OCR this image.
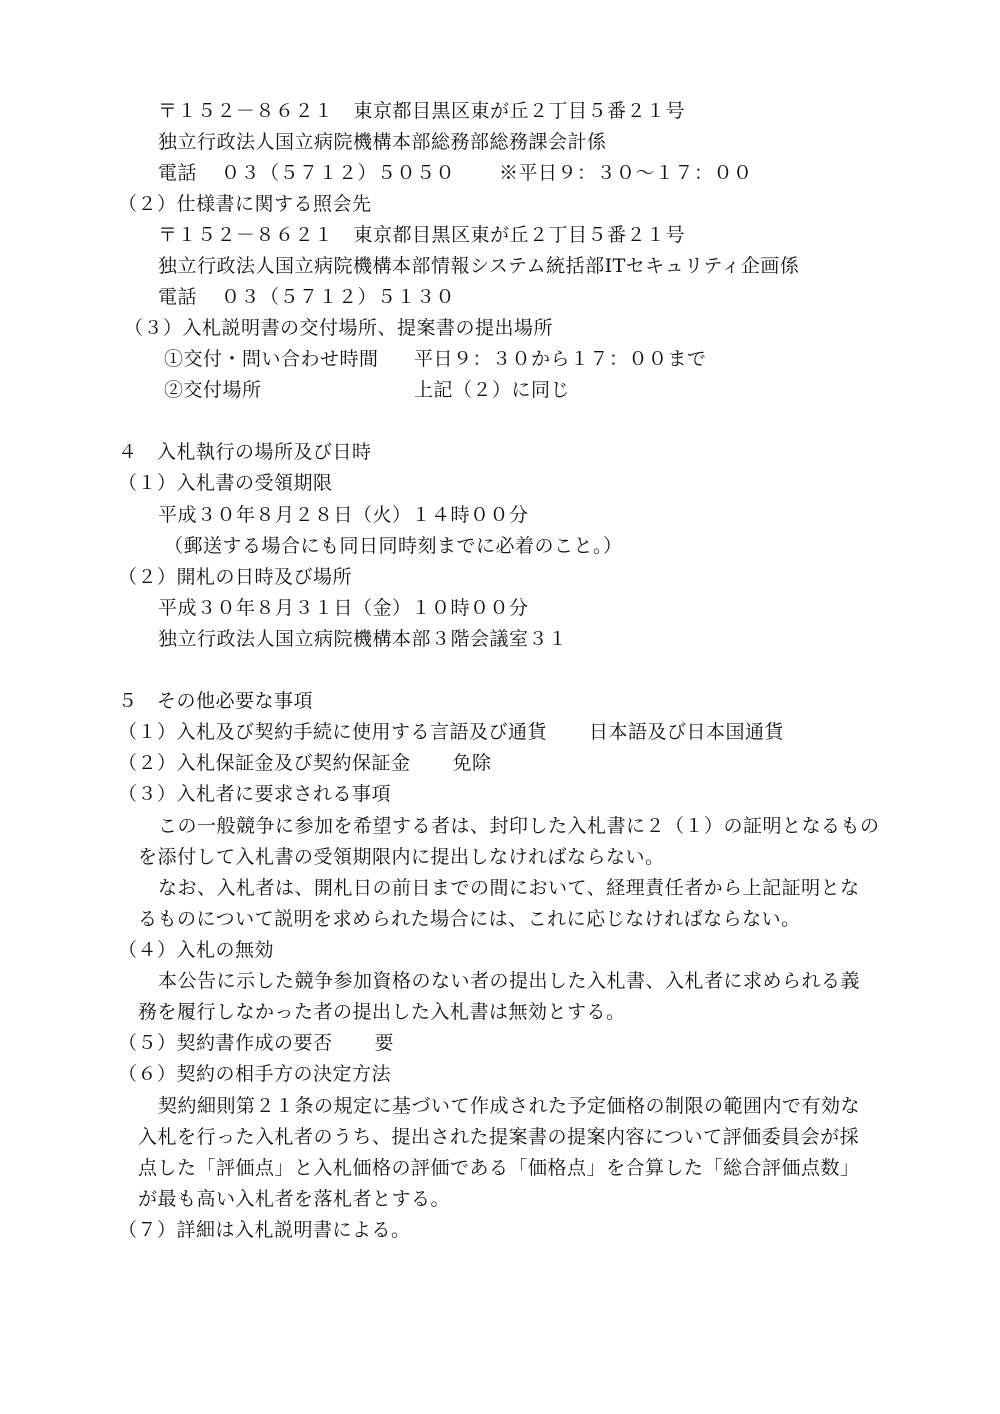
〒１５２－８６２１ 東京都目黒区東が丘２丁目５番２１号
独立行政法人国立病院機構本部総務部総務課会計係
電話 ０３（５７１２）５０５０ ※平日９：３０～１７：００
（２）仕様書に関する照会先
〒１５２－８６２１ 東京都目黒区東が丘２丁目５番２１号
独立行政法人国立病院機構本部情報システム統括部ITセキュリティ企画係
電話 ０３（５７１２）５１３０
（３）入札説明書の交付場所、提案書の提出場所
①交付・問い合わせ時間 平日９：３０から１７：００まで
②交付場所	上記（２）に同じ
４　入札執行の場所及び日時
（１）入札書の受領期限
平成３０年８月２８日（火）１４時００分
（郵送する場合にも同日同時刻までに必着のこと。）
（２）開札の日時及び場所
平成３０年８月３１日（金）１０時００分
独立行政法人国立病院機構本部３階会議室３１
５　その他必要な事項
（１）入札及び契約手続に使用する言語及び通貨 日本語及び日本国通貨
（２）入札保証金及び契約保証金 免除
（３）入札者に要求される事項
この一般競争に参加を希望する者は、封印した入札書に２（１）の証明となるもの
を添付して入札書の受領期限内に提出しなければならない。
なお、入札者は、開札日の前日までの間において、経理責任者から上記証明とな
るものについて説明を求められた場合には、これに応じなければならない。
（４）入札の無効
本公告に示した競争参加資格のない者の提出した入札書、入札者に求められる義
務を履行しなかった者の提出した入札書は無効とする。
（５）契約書作成の要否 要
（６）契約の相手方の決定方法
契約細則第２１条の規定に基づいて作成された予定価格の制限の範囲内で有効な
入札を行った入札者のうち、提出された提案書の提案内容について評価委員会が採
点した「評価点」と入札価格の評価である「価格点」を合算した「総合評価点数」
が最も高い入札者を落札者とする。
（７）詳細は入札説明書による。
